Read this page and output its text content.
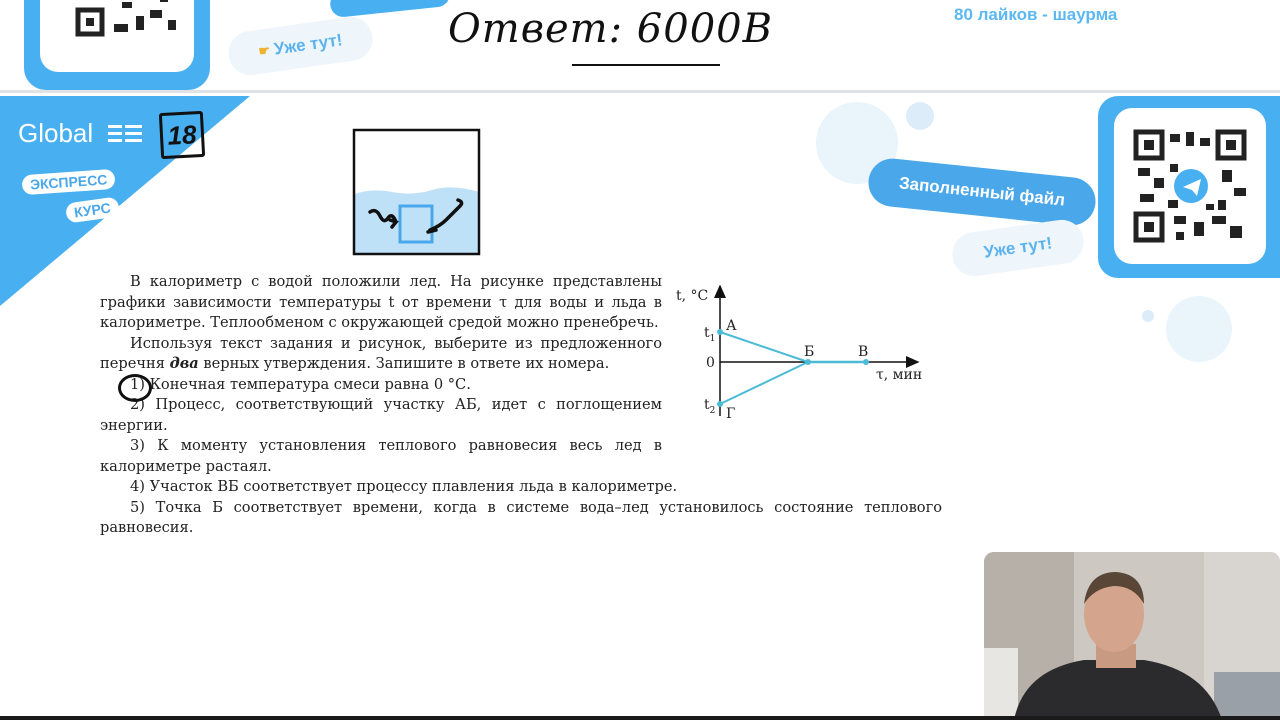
☛ Уже тут!	Ответ: 6000В	80 лайков - шаурма
Global	18
ЭКСПРЕСС
КУРС
Заполненный файл
Уже тут!

В калориметр с водой положили лед. На рисунке представлены графики зависимости температуры t от времени τ для воды и льда в калориметре. Теплообменом с окружающей средой можно пренебречь.

Используя текст задания и рисунок, выберите из предложенного перечня два верных утверждения. Запишите в ответе их номера.

1) Конечная температура смеси равна 0 °С.

2) Процесс, соответствующий участку АБ, идет с поглощением энергии.

3) К моменту установления теплового равновесия весь лед в калориметре растаял.

4) Участок ВБ соответствует процессу плавления льда в калориметре.

5) Точка Б соответствует времени, когда в системе вода–лед установилось состояние теплового равновесия.

t, °С
τ, мин
0
$t_1$
$t_2$
А
Б	В
Г
